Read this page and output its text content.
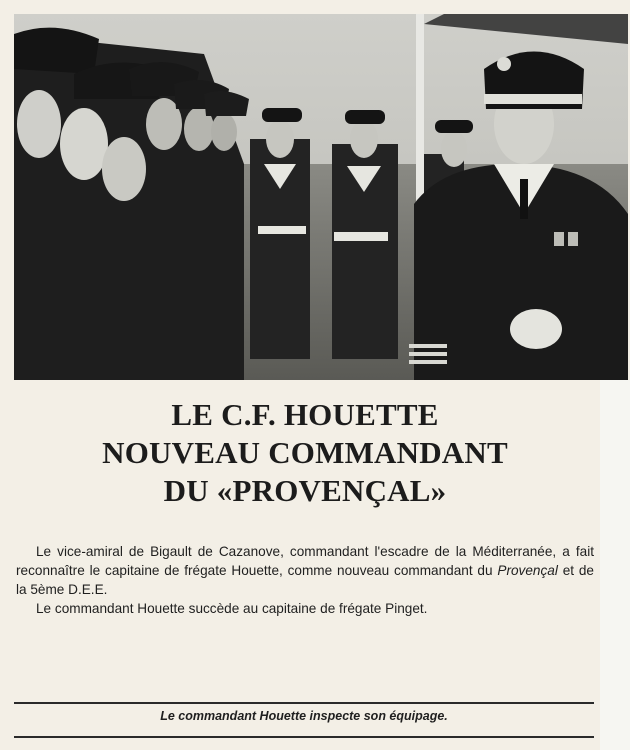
LE C.F. HOUETTE
NOUVEAU COMMANDANT
DU «PROVENÇAL»

Le vice-amiral de Bigault de Cazanove, commandant l'escadre de la Méditerranée, a fait reconnaître le capitaine de frégate Houette, comme nouveau commandant du Provençal et de la 5ème D.E.E.

Le commandant Houette succède au capitaine de frégate Pinget.

Le commandant Houette inspecte son équipage.
